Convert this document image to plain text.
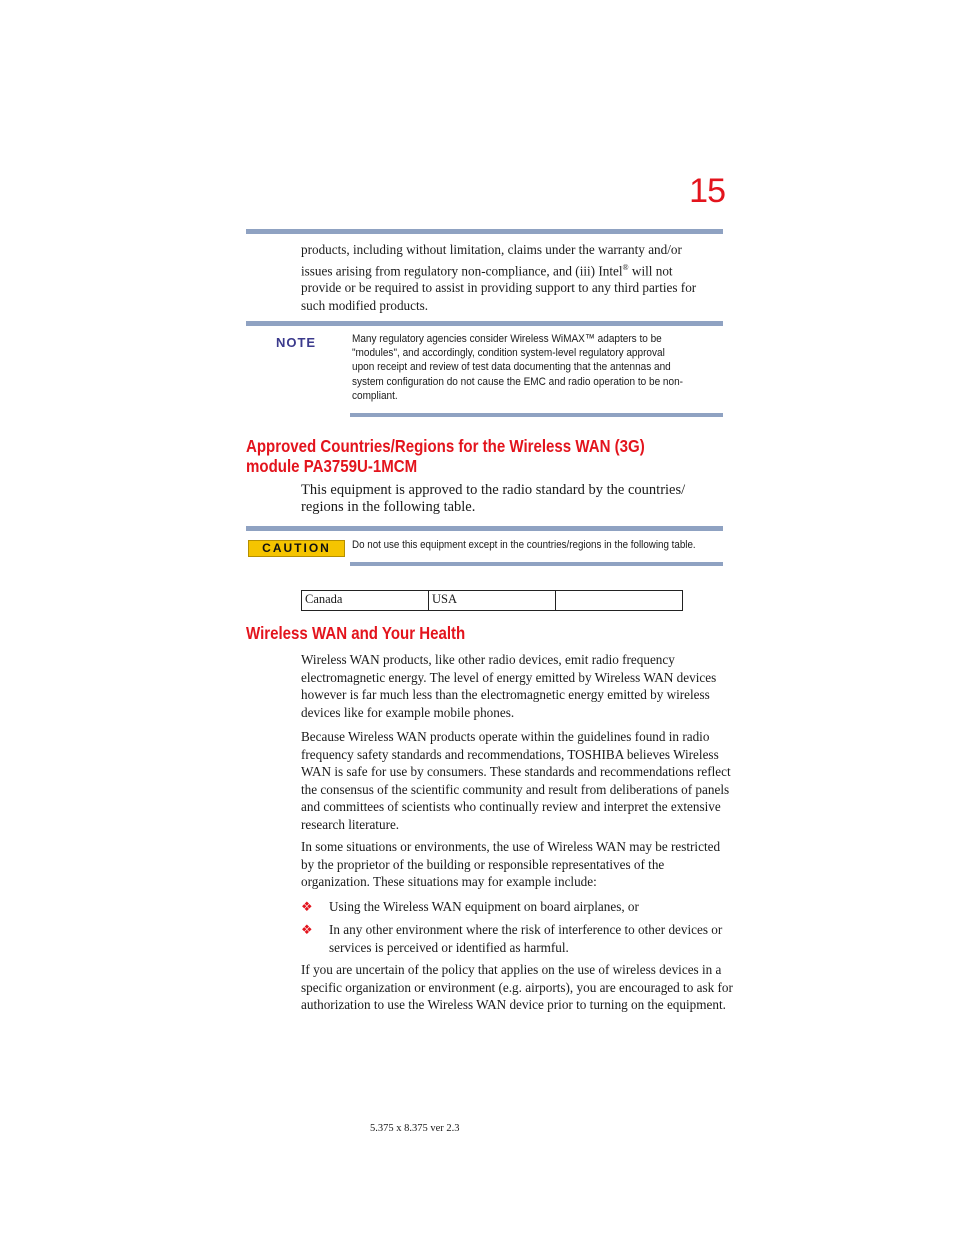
15
products, including without limitation, claims under the warranty and/or
issues arising from regulatory non-compliance, and (iii) Intel® will not
provide or be required to assist in providing support to any third parties for
such modified products.
NOTE	Many regulatory agencies consider Wireless WiMAX™ adapters to be
"modules", and accordingly, condition system-level regulatory approval
upon receipt and review of test data documenting that the antennas and
system configuration do not cause the EMC and radio operation to be non-
compliant.
Approved Countries/Regions for the Wireless WAN (3G)
module PA3759U-1MCM
This equipment is approved to the radio standard by the countries/
regions in the following table.
CAUTION	Do not use this equipment except in the countries/regions in the following table.
Canada	USA	
Wireless WAN and Your Health
Wireless WAN products, like other radio devices, emit radio frequency
electromagnetic energy. The level of energy emitted by Wireless WAN devices
however is far much less than the electromagnetic energy emitted by wireless
devices like for example mobile phones.
Because Wireless WAN products operate within the guidelines found in radio
frequency safety standards and recommendations, TOSHIBA believes Wireless
WAN is safe for use by consumers. These standards and recommendations reflect
the consensus of the scientific community and result from deliberations of panels
and committees of scientists who continually review and interpret the extensive
research literature.
In some situations or environments, the use of Wireless WAN may be restricted
by the proprietor of the building or responsible representatives of the
organization. These situations may for example include:
❖ Using the Wireless WAN equipment on board airplanes, or
❖ In any other environment where the risk of interference to other devices or
services is perceived or identified as harmful.
If you are uncertain of the policy that applies on the use of wireless devices in a
specific organization or environment (e.g. airports), you are encouraged to ask for
authorization to use the Wireless WAN device prior to turning on the equipment.
5.375 x 8.375 ver 2.3
